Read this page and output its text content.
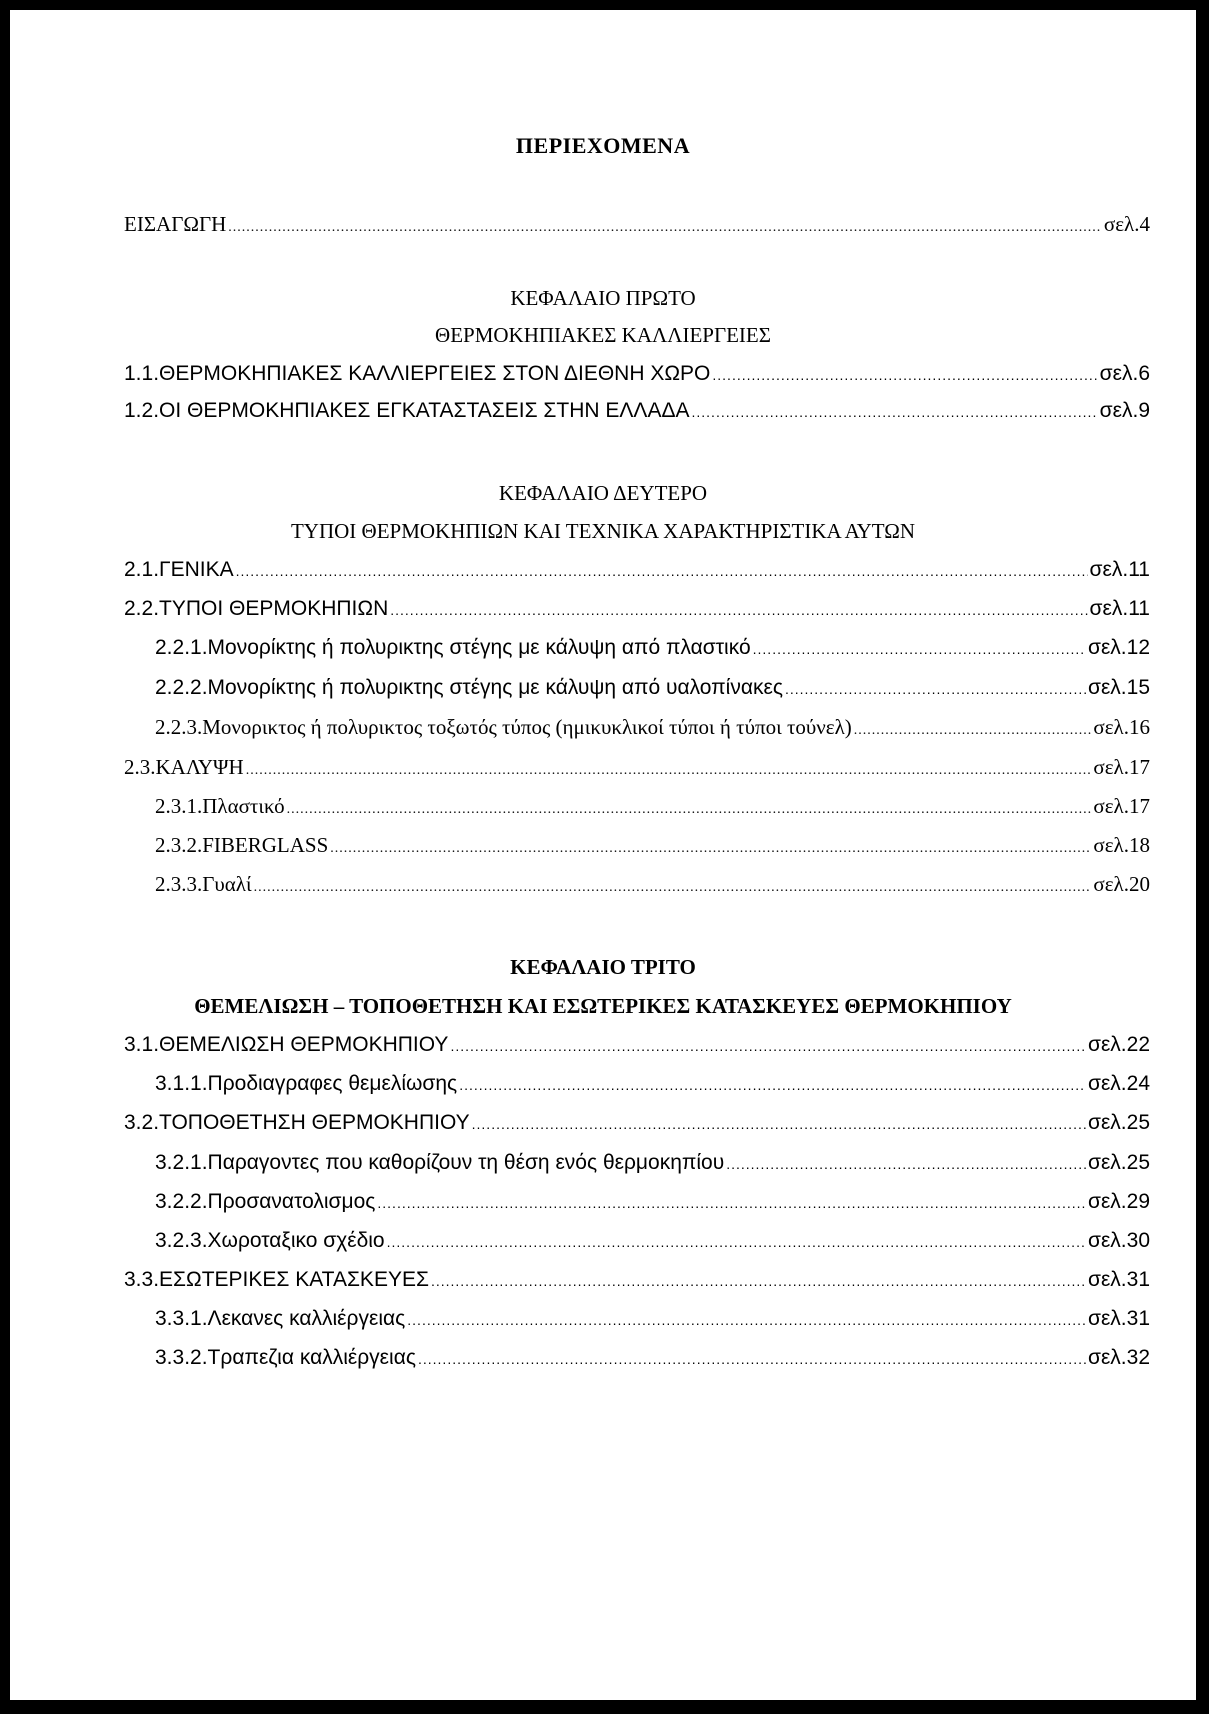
ΠΕΡΙΕΧΟΜΕΝΑ
ΕΙΣΑΓΩΓΗ .....	σελ.4
ΚΕΦΑΛΑΙΟ ΠΡΩΤΟ
ΘΕΡΜΟΚΗΠΙΑΚΕΣ ΚΑΛΛΙΕΡΓΕΙΕΣ
1.1.ΘΕΡΜΟΚΗΠΙΑΚΕΣ ΚΑΛΛΙΕΡΓΕΙΕΣ ΣΤΟΝ ΔΙΕΘΝΗ ΧΩΡΟ .....	σελ.6
1.2.ΟΙ ΘΕΡΜΟΚΗΠΙΑΚΕΣ ΕΓΚΑΤΑΣΤΑΣΕΙΣ ΣΤΗΝ ΕΛΛΑΔΑ .....	σελ.9
ΚΕΦΑΛΑΙΟ ΔΕΥΤΕΡΟ
ΤΥΠΟΙ ΘΕΡΜΟΚΗΠΙΩΝ ΚΑΙ ΤΕΧΝΙΚΑ ΧΑΡΑΚΤΗΡΙΣΤΙΚΑ ΑΥΤΩΝ
2.1.ΓΕΝΙΚΑ .....	σελ.11
2.2.ΤΥΠΟΙ ΘΕΡΜΟΚΗΠΙΩΝ .....	σελ.11
2.2.1.Μονορίκτης ή πολυρικτης στέγης με κάλυψη από πλαστικό .....	σελ.12
2.2.2.Μονορίκτης ή πολυρικτης στέγης με κάλυψη από υαλοπίνακες .....	σελ.15
2.2.3.Μονορικτος ή πολυρικτος τοξωτός τύπος (ημικυκλικοί τύποι ή τύποι τούνελ) .....	σελ.16
2.3.ΚΑΛΥΨΗ .....	σελ.17
2.3.1.Πλαστικό .....	σελ.17
2.3.2.FIBERGLASS .....	σελ.18
2.3.3.Γυαλί .....	σελ.20
ΚΕΦΑΛΑΙΟ ΤΡΙΤΟ
ΘΕΜΕΛΙΩΣΗ – ΤΟΠΟΘΕΤΗΣΗ ΚΑΙ ΕΣΩΤΕΡΙΚΕΣ ΚΑΤΑΣΚΕΥΕΣ ΘΕΡΜΟΚΗΠΙΟΥ
3.1.ΘΕΜΕΛΙΩΣΗ ΘΕΡΜΟΚΗΠΙΟΥ .....	σελ.22
3.1.1.Προδιαγραφες θεμελίωσης .....	σελ.24
3.2.ΤΟΠΟΘΕΤΗΣΗ ΘΕΡΜΟΚΗΠΙΟΥ .....	σελ.25
3.2.1.Παραγοντες που καθορίζουν τη θέση ενός θερμοκηπίου .....	σελ.25
3.2.2.Προσανατολισμος .....	σελ.29
3.2.3.Χωροταξικο σχέδιο .....	σελ.30
3.3.ΕΣΩΤΕΡΙΚΕΣ ΚΑΤΑΣΚΕΥΕΣ .....	σελ.31
3.3.1.Λεκανες καλλιέργειας .....	σελ.31
3.3.2.Τραπεζια καλλιέργειας .....	σελ.32
